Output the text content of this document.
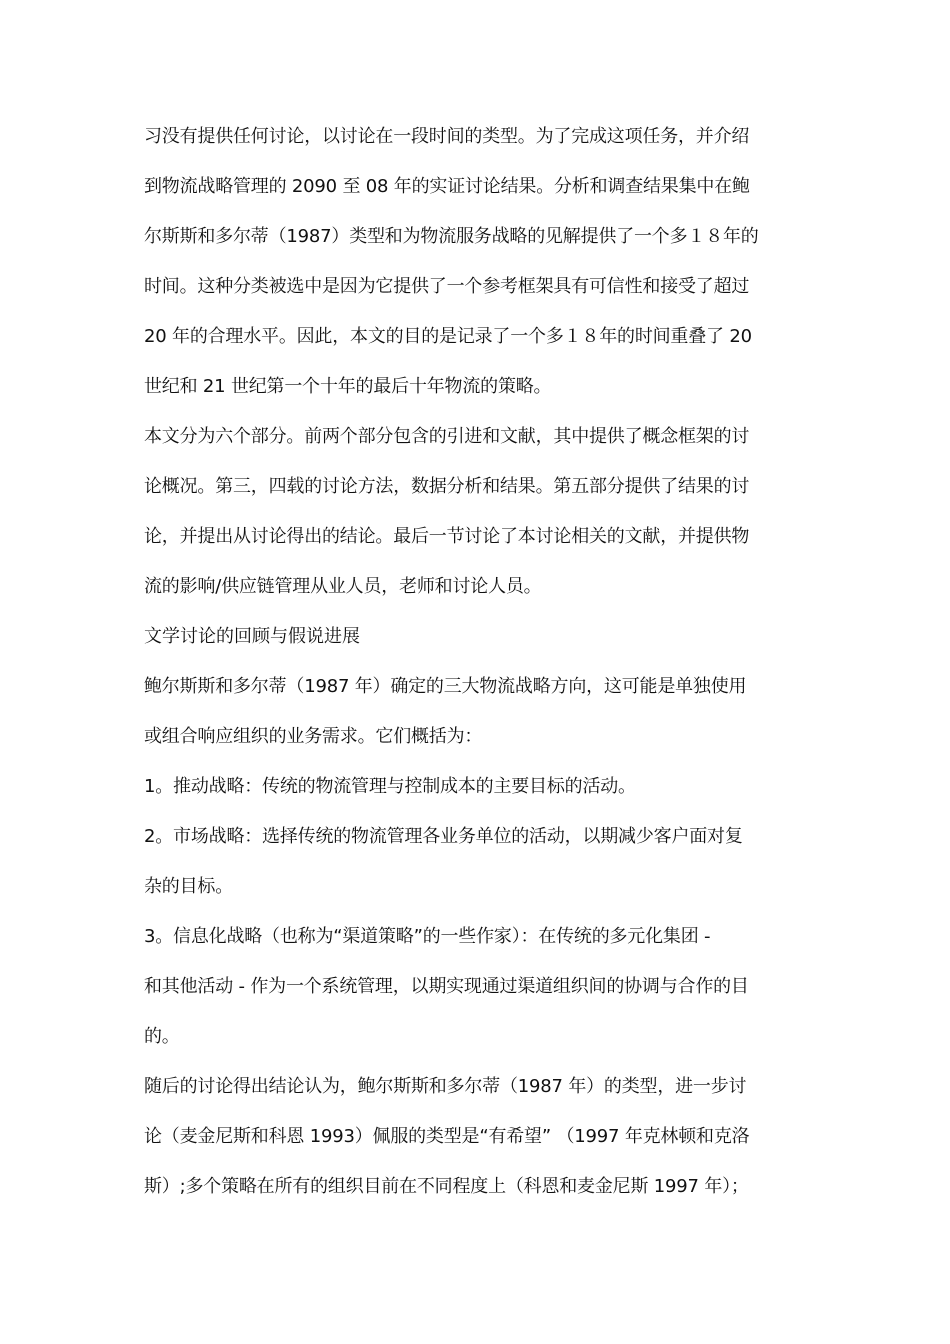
习没有提供任何讨论，以讨论在一段时间的类型。为了完成这项任务，并介绍
到物流战略管理的 2090 至 08 年的实证讨论结果。分析和调查结果集中在鲍
尔斯斯和多尔蒂（1987）类型和为物流服务战略的见解提供了一个多１８年的
时间。这种分类被选中是因为它提供了一个参考框架具有可信性和接受了超过
20 年的合理水平。因此，本文的目的是记录了一个多１８年的时间重叠了 20
世纪和 21 世纪第一个十年的最后十年物流的策略。
本文分为六个部分。前两个部分包含的引进和文献，其中提供了概念框架的讨
论概况。第三，四载的讨论方法，数据分析和结果。第五部分提供了结果的讨
论，并提出从讨论得出的结论。最后一节讨论了本讨论相关的文献，并提供物
流的影响/供应链管理从业人员，老师和讨论人员。
文学讨论的回顾与假说进展
鲍尔斯斯和多尔蒂（1987 年）确定的三大物流战略方向，这可能是单独使用
或组合响应组织的业务需求。它们概括为：
1。推动战略：传统的物流管理与控制成本的主要目标的活动。
2。市场战略：选择传统的物流管理各业务单位的活动，以期减少客户面对复
杂的目标。
3。信息化战略（也称为“渠道策略”的一些作家）：在传统的多元化集团 -
和其他活动 - 作为一个系统管理，以期实现通过渠道组织间的协调与合作的目
的。
随后的讨论得出结论认为，鲍尔斯斯和多尔蒂（1987 年）的类型，进一步讨
论（麦金尼斯和科恩 1993）佩服的类型是“有希望” （1997 年克林顿和克洛
斯）;多个策略在所有的组织目前在不同程度上（科恩和麦金尼斯 1997 年）；
